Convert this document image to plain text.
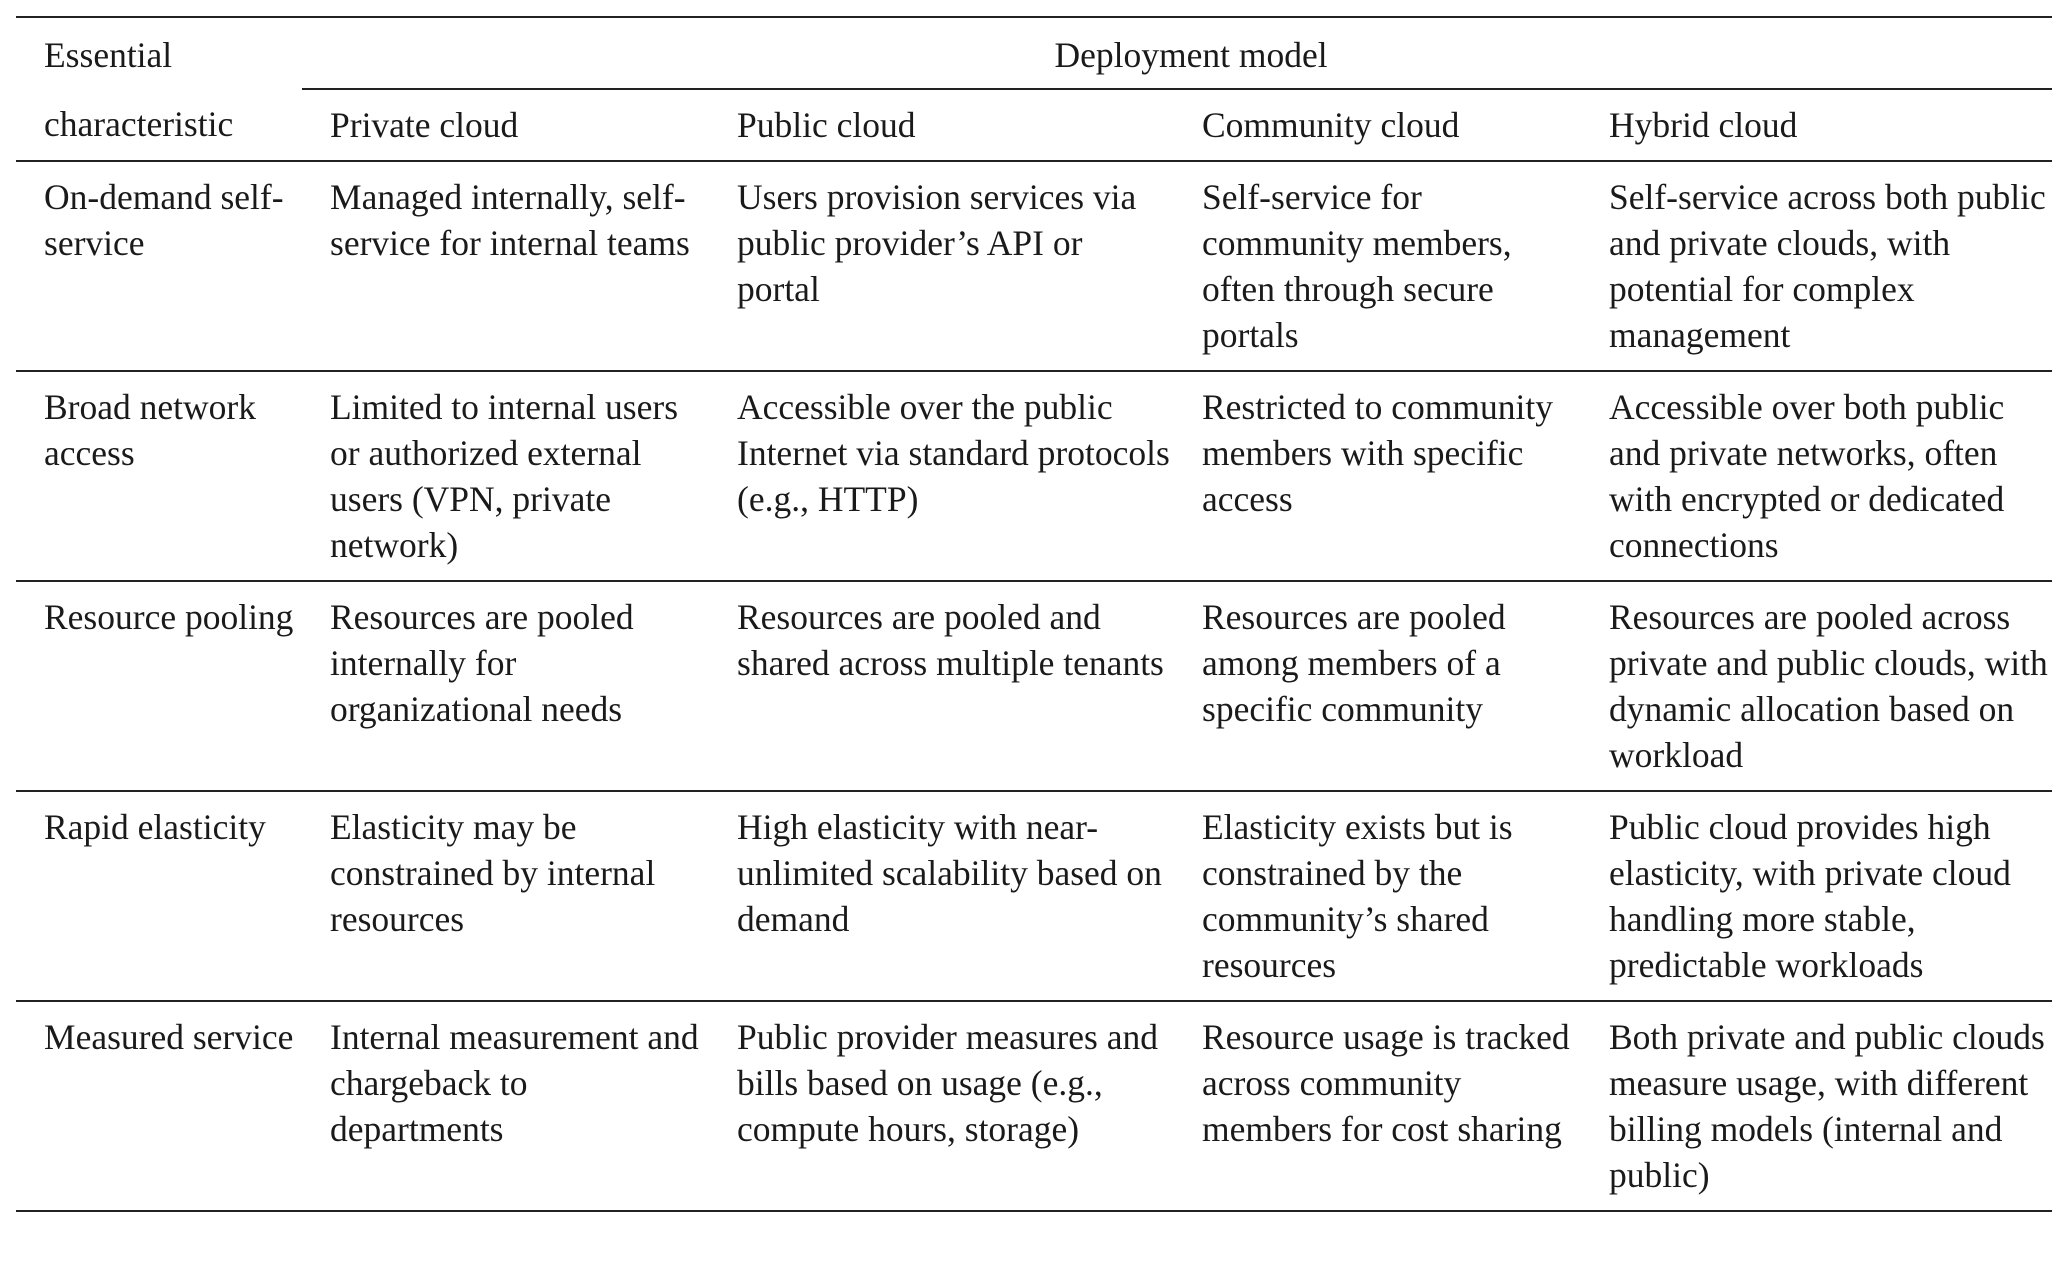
Essential	Deployment model			
characteristic	Private cloud	Public cloud	Community cloud	Hybrid cloud
On-demand self-service	Managed internally, self-service for internal teams	Users provision services via public provider’s API or portal	Self-service for community members, often through secure portals	Self-service across both public and private clouds, with potential for complex management
Broad network access	Limited to internal users or authorized external users (VPN, private network)	Accessible over the public Internet via standard protocols (e.g., HTTP)	Restricted to community members with specific access	Accessible over both public and private networks, often with encrypted or dedicated connections
Resource pooling	Resources are pooled internally for organizational needs	Resources are pooled and shared across multiple tenants	Resources are pooled among members of a specific community	Resources are pooled across private and public clouds, with dynamic allocation based on workload
Rapid elasticity	Elasticity may be constrained by internal resources	High elasticity with near-unlimited scalability based on demand	Elasticity exists but is constrained by the community’s shared resources	Public cloud provides high elasticity, with private cloud handling more stable, predictable workloads
Measured service	Internal measurement and chargeback to departments	Public provider measures and bills based on usage (e.g., compute hours, storage)	Resource usage is tracked across community members for cost sharing	Both private and public clouds measure usage, with different billing models (internal and public)
